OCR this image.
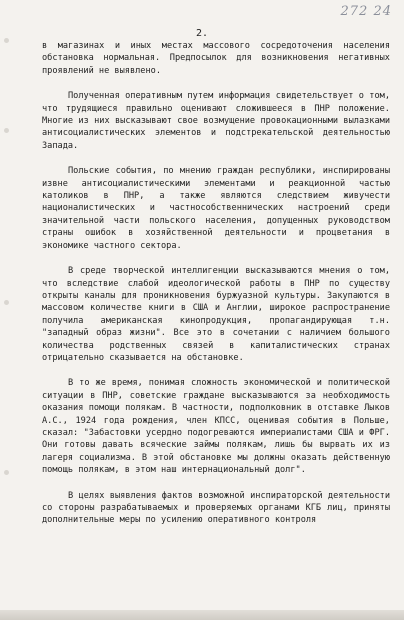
272 24
2.

в магазинах и иных местах массового сосредоточения населения обстановка нормальная. Предпосылок для возникновения негативных проявлений не выявлено.

Полученная оперативным путем информация свидетельствует о том, что трудящиеся правильно оценивают сложившееся в ПНР положение. Многие из них высказывают свое возмущение провокационными вылазками антисоциалистических элементов и подстрекательской деятельностью Запада.

Польские события, по мнению граждан республики, инспирированы извне антисоциалистическими элементами и реакционной частью католиков в ПНР, а также являются следствием живучести националистических и частнособственнических настроений среди значительной части польского населения, допущенных руководством страны ошибок в хозяйственной деятельности и процветания в экономике частного сектора.

В среде творческой интеллигенции высказываются мнения о том, что вследствие слабой идеологической работы в ПНР по существу открыты каналы для проникновения буржуазной культуры. Закупаются в массовом количестве книги в США и Англии, широкое распространение получила американская кинопродукция, пропагандирующая т.н. "западный образ жизни". Все это в сочетании с наличием большого количества родственных связей в капиталистических странах отрицательно сказывается на обстановке.

В то же время, понимая сложность экономической и политической ситуации в ПНР, советские граждане высказываются за необходимость оказания помощи полякам. В частности, подполковник в отставке Лыков А.С., 1924 года рождения, член КПСС, оценивая события в Польше, сказал: "Забастовки усердно подогреваются империалистами США и ФРГ. Они готовы давать всяческие займы полякам, лишь бы вырвать их из лагеря социализма. В этой обстановке мы должны оказать действенную помощь полякам, в этом наш интернациональный долг".

В целях выявления фактов возможной инспираторской деятельности со стороны разрабатываемых и проверяемых органами КГБ лиц, приняты дополнительные меры по усилению оперативного контроля
